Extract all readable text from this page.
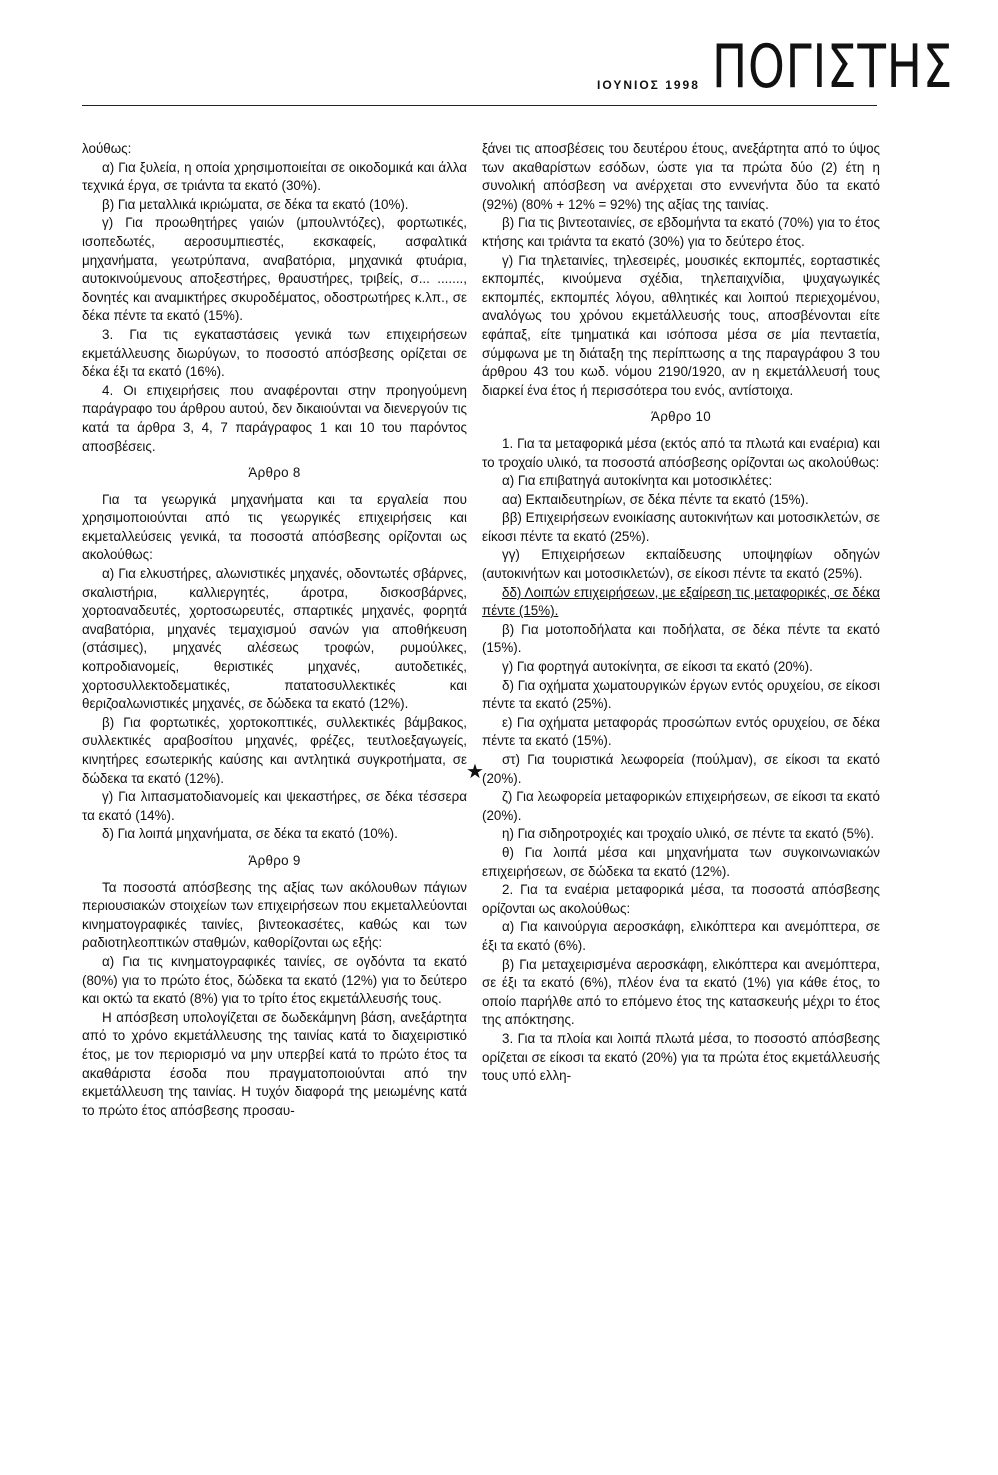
ΙΟΥΝΙΟΣ 1998 ΠΟΓΙΣΤΗΣ

λούθως:

α) Για ξυλεία, η οποία χρησιμοποιείται σε οικοδομικά και άλλα τεχνικά έργα, σε τριάντα τα εκατό (30%).

β) Για μεταλλικά ικριώματα, σε δέκα τα εκατό (10%).

γ) Για προωθητήρες γαιών (μπουλντόζες), φορτωτικές, ισοπεδωτές, αεροσυμπιεστές, εκσκαφείς, ασφαλτικά μηχανήματα, γεωτρύπανα, αναβατόρια, μηχανικά φτυάρια, αυτοκινούμενους αποξεστήρες, θραυστήρες, τριβείς, σ... ......., δονητές και αναμικτήρες σκυροδέματος, οδοστρωτήρες κ.λπ., σε δέκα πέντε τα εκατό (15%).

3. Για τις εγκαταστάσεις γενικά των επιχειρήσεων εκμετάλλευσης διωρύγων, το ποσοστό απόσβεσης ορίζεται σε δέκα έξι τα εκατό (16%).

4. Οι επιχειρήσεις που αναφέρονται στην προηγούμενη παράγραφο του άρθρου αυτού, δεν δικαιούνται να διενεργούν τις κατά τα άρθρα 3, 4, 7 παράγραφος 1 και 10 του παρόντος αποσβέσεις.

Άρθρο 8

Για τα γεωργικά μηχανήματα και τα εργαλεία που χρησιμοποιούνται από τις γεωργικές επιχειρήσεις και εκμεταλλεύσεις γενικά, τα ποσοστά απόσβεσης ορίζονται ως ακολούθως:

α) Για ελκυστήρες, αλωνιστικές μηχανές, οδοντωτές σβάρνες, σκαλιστήρια, καλλιεργητές, άροτρα, δισκοσβάρνες, χορτοαναδευτές, χορτοσωρευτές, σπαρτικές μηχανές, φορητά αναβατόρια, μηχανές τεμαχισμού σανών για αποθήκευση (στάσιμες), μηχανές αλέσεως τροφών, ρυμούλκες, κοπροδιανομείς, θεριστικές μηχανές, αυτοδετικές, χορτοσυλλεκτοδεματικές, πατατοσυλλεκτικές και θεριζοαλωνιστικές μηχανές, σε δώδεκα τα εκατό (12%).

β) Για φορτωτικές, χορτοκοπτικές, συλλεκτικές βάμβακος, συλλεκτικές αραβοσίτου μηχανές, φρέζες, τευτλοεξαγωγείς, κινητήρες εσωτερικής καύσης και αντλητικά συγκροτήματα, σε δώδεκα τα εκατό (12%).

γ) Για λιπασματοδιανομείς και ψεκαστήρες, σε δέκα τέσσερα τα εκατό (14%).

δ) Για λοιπά μηχανήματα, σε δέκα τα εκατό (10%).

Άρθρο 9

Τα ποσοστά απόσβεσης της αξίας των ακόλουθων πάγιων περιουσιακών στοιχείων των επιχειρήσεων που εκμεταλλεύονται κινηματογραφικές ταινίες, βιντεοκασέτες, καθώς και των ραδιοτηλεοπτικών σταθμών, καθορίζονται ως εξής:

α) Για τις κινηματογραφικές ταινίες, σε ογδόντα τα εκατό (80%) για το πρώτο έτος, δώδεκα τα εκατό (12%) για το δεύτερο και οκτώ τα εκατό (8%) για το τρίτο έτος εκμετάλλευσής τους.

Η απόσβεση υπολογίζεται σε δωδεκάμηνη βάση, ανεξάρτητα από το χρόνο εκμετάλλευσης της ταινίας κατά το διαχειριστικό έτος, με τον περιορισμό να μην υπερβεί κατά το πρώτο έτος τα ακαθάριστα έσοδα που πραγματοποιούνται από την εκμετάλλευση της ταινίας. Η τυχόν διαφορά της μειωμένης κατά το πρώτο έτος απόσβεσης προσαυ-

ξάνει τις αποσβέσεις του δευτέρου έτους, ανεξάρτητα από το ύψος των ακαθαρίστων εσόδων, ώστε για τα πρώτα δύο (2) έτη η συνολική απόσβεση να ανέρχεται στο εννενήντα δύο τα εκατό (92%) (80% + 12% = 92%) της αξίας της ταινίας.

β) Για τις βιντεοταινίες, σε εβδομήντα τα εκατό (70%) για το έτος κτήσης και τριάντα τα εκατό (30%) για το δεύτερο έτος.

γ) Για τηλεταινίες, τηλεσειρές, μουσικές εκπομπές, εορταστικές εκπομπές, κινούμενα σχέδια, τηλεπαιχνίδια, ψυχαγωγικές εκπομπές, εκπομπές λόγου, αθλητικές και λοιπού περιεχομένου, αναλόγως του χρόνου εκμετάλλευσής τους, αποσβένονται είτε εφάπαξ, είτε τμηματικά και ισόποσα μέσα σε μία πενταετία, σύμφωνα με τη διάταξη της περίπτωσης α της παραγράφου 3 του άρθρου 43 του κωδ. νόμου 2190/1920, αν η εκμετάλλευσή τους διαρκεί ένα έτος ή περισσότερα του ενός, αντίστοιχα.

Άρθρο 10

1. Για τα μεταφορικά μέσα (εκτός από τα πλωτά και εναέρια) και το τροχαίο υλικό, τα ποσοστά απόσβεσης ορίζονται ως ακολούθως:

α) Για επιβατηγά αυτοκίνητα και μοτοσικλέτες:

αα) Εκπαιδευτηρίων, σε δέκα πέντε τα εκατό (15%).

ββ) Επιχειρήσεων ενοικίασης αυτοκινήτων και μοτοσικλετών, σε είκοσι πέντε τα εκατό (25%).

γγ) Επιχειρήσεων εκπαίδευσης υποψηφίων οδηγών (αυτοκινήτων και μοτοσικλετών), σε είκοσι πέντε τα εκατό (25%).

δδ) Λοιπών επιχειρήσεων, με εξαίρεση τις μεταφορικές, σε δέκα πέντε (15%).

β) Για μοτοποδήλατα και ποδήλατα, σε δέκα πέντε τα εκατό (15%).

γ) Για φορτηγά αυτοκίνητα, σε είκοσι τα εκατό (20%).

δ) Για οχήματα χωματουργικών έργων εντός ορυχείου, σε είκοσι πέντε τα εκατό (25%).

ε) Για οχήματα μεταφοράς προσώπων εντός ορυχείου, σε δέκα πέντε τα εκατό (15%).

στ) Για τουριστικά λεωφορεία (πούλμαν), σε είκοσι τα εκατό (20%).

ζ) Για λεωφορεία μεταφορικών επιχειρήσεων, σε είκοσι τα εκατό (20%).

η) Για σιδηροτροχιές και τροχαίο υλικό, σε πέντε τα εκατό (5%).

θ) Για λοιπά μέσα και μηχανήματα των συγκοινωνιακών επιχειρήσεων, σε δώδεκα τα εκατό (12%).

2. Για τα εναέρια μεταφορικά μέσα, τα ποσοστά απόσβεσης ορίζονται ως ακολούθως:

α) Για καινούργια αεροσκάφη, ελικόπτερα και ανεμόπτερα, σε έξι τα εκατό (6%).

β) Για μεταχειρισμένα αεροσκάφη, ελικόπτερα και ανεμόπτερα, σε έξι τα εκατό (6%), πλέον ένα τα εκατό (1%) για κάθε έτος, το οποίο παρήλθε από το επόμενο έτος της κατασκευής μέχρι το έτος της απόκτησης.

3. Για τα πλοία και λοιπά πλωτά μέσα, το ποσοστό απόσβεσης ορίζεται σε είκοσι τα εκατό (20%) για τα πρώτα έτος εκμετάλλευσής τους υπό ελλη-

★
